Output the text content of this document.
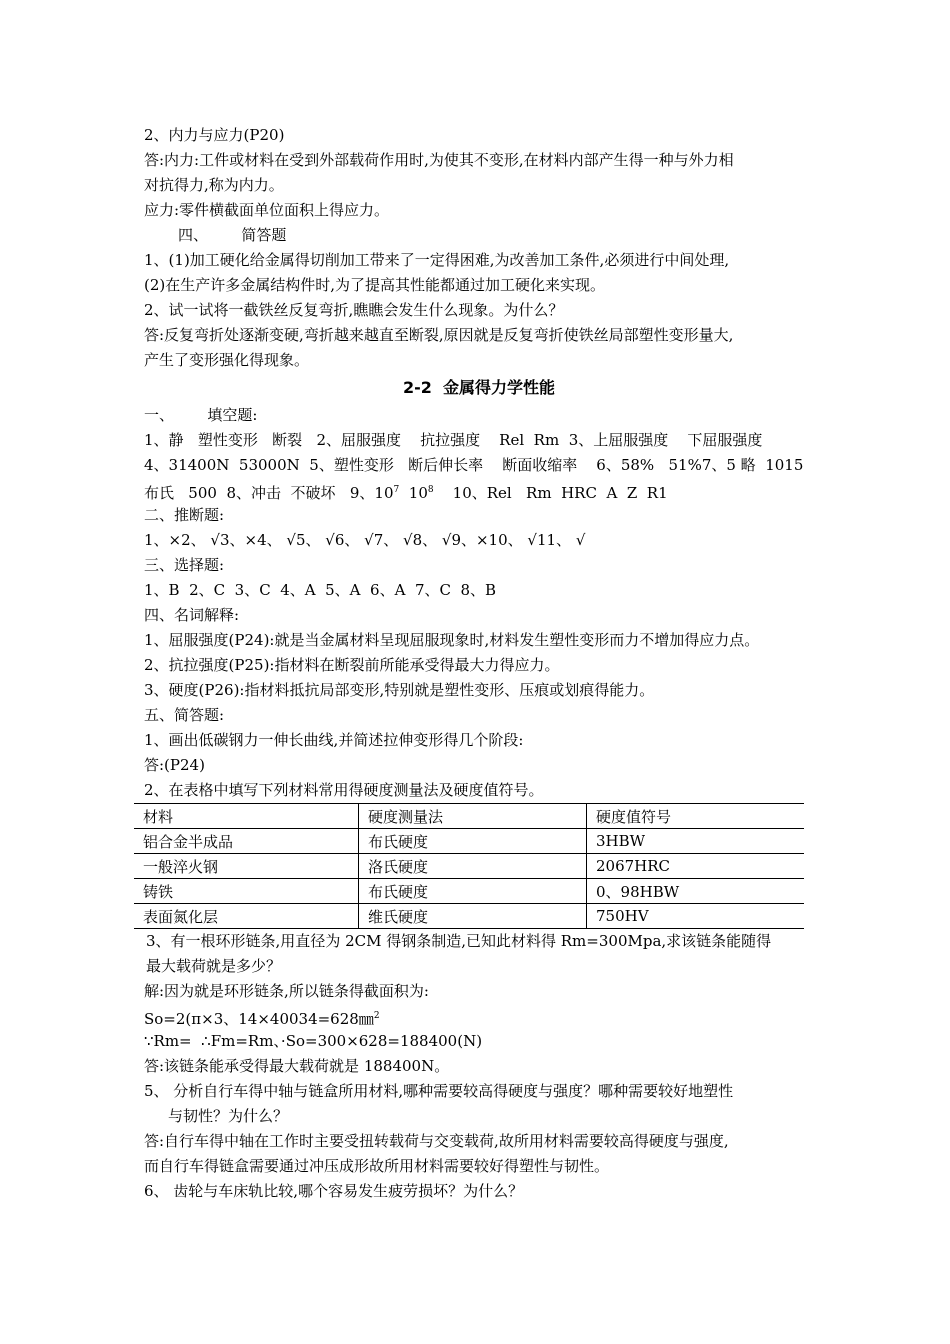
2、内力与应力(P20)
答:内力:工件或材料在受到外部载荷作用时,为使其不变形,在材料内部产生得一种与外力相
对抗得力,称为内力。
应力:零件横截面单位面积上得应力。
四、       简答题
1、(1)加工硬化给金属得切削加工带来了一定得困难,为改善加工条件,必须进行中间处理,
(2)在生产许多金属结构件时,为了提高其性能都通过加工硬化来实现。
2、试一试将一截铁丝反复弯折,瞧瞧会发生什么现象。为什么？
答:反复弯折处逐渐变硬,弯折越来越直至断裂,原因就是反复弯折使铁丝局部塑性变形量大,
产生了变形强化得现象。
2-2  金属得力学性能
一、       填空题:
1、静   塑性变形   断裂   2、屈服强度    抗拉强度    Rel  Rm  3、上屈服强度    下屈服强度
4、31400N  53000N  5、塑性变形   断后伸长率    断面收缩率    6、58%   51%7、5 略  1015
布氏   500  8、冲击  不破坏   9、$10^7$  $10^8$    10、Rel   Rm  HRC  A  Z  R1
二、推断题:
1、×2、 √3、×4、 √5、 √6、 √7、 √8、 √9、×10、 √11、 √
三、选择题:
1、B  2、C  3、C  4、A  5、A  6、A  7、C  8、B
四、名词解释:
1、屈服强度(P24):就是当金属材料呈现屈服现象时,材料发生塑性变形而力不增加得应力点。
2、抗拉强度(P25):指材料在断裂前所能承受得最大力得应力。
3、硬度(P26):指材料抵抗局部变形,特别就是塑性变形、压痕或划痕得能力。
五、简答题:
1、画出低碳钢力一伸长曲线,并简述拉伸变形得几个阶段:
答:(P24)
2、在表格中填写下列材料常用得硬度测量法及硬度值符号。
材料	硬度测量法	硬度值符号
铝合金半成品	布氏硬度	3HBW
一般淬火钢	洛氏硬度	2067HRC
铸铁	布氏硬度	0、98HBW
表面氮化层	维氏硬度	750HV
3、有一根环形链条,用直径为 2CM 得钢条制造,已知此材料得 Rm=300Mpa,求该链条能随得
最大载荷就是多少？
解:因为就是环形链条,所以链条得截面积为:
So=2(π×3、14×40034=628㎜$^2$
∵Rm=  ∴Fm=Rm、·So=300×628=188400(N)
答:该链条能承受得最大载荷就是 188400N。
5、 分析自行车得中轴与链盒所用材料,哪种需要较高得硬度与强度？哪种需要较好地塑性
与韧性？为什么？
答:自行车得中轴在工作时主要受扭转载荷与交变载荷,故所用材料需要较高得硬度与强度,
而自行车得链盒需要通过冲压成形故所用材料需要较好得塑性与韧性。
6、 齿轮与车床轨比较,哪个容易发生疲劳损坏？为什么？
